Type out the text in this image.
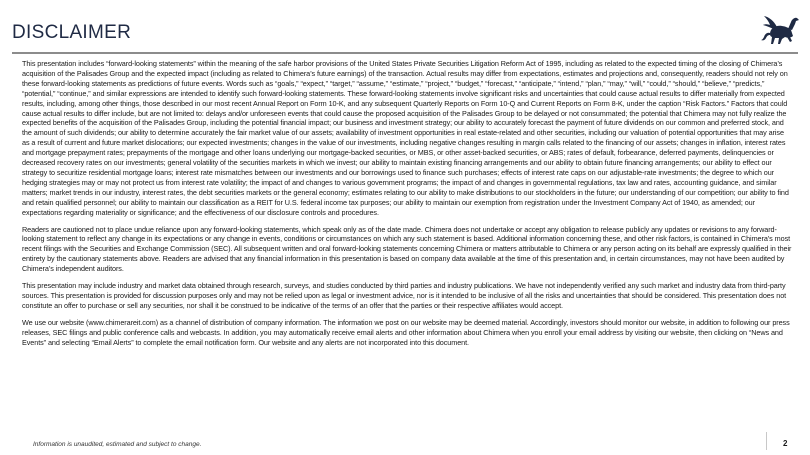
DISCLAIMER

This presentation includes “forward-looking statements” within the meaning of the safe harbor provisions of the United States Private Securities Litigation Reform Act of 1995, including as related to the expected timing of the closing of Chimera’s acquisition of the Palisades Group and the expected impact (including as related to Chimera’s future earnings) of the transaction. Actual results may differ from expectations, estimates and projections and, consequently, readers should not rely on these forward-looking statements as predictions of future events. Words such as “goals,” “expect,” “target,” “assume,” “estimate,” “project,” “budget,” “forecast,” “anticipate,” “intend,” “plan,” “may,” “will,” “could,” “should,” “believe,” “predicts,” “potential,” “continue,” and similar expressions are intended to identify such forward-looking statements. These forward-looking statements involve significant risks and uncertainties that could cause actual results to differ materially from expected results, including, among other things, those described in our most recent Annual Report on Form 10-K, and any subsequent Quarterly Reports on Form 10-Q and Current Reports on Form 8-K, under the caption “Risk Factors.” Factors that could cause actual results to differ include, but are not limited to: delays and/or unforeseen events that could cause the proposed acquisition of the Palisades Group to be delayed or not consummated; the potential that Chimera may not fully realize the expected benefits of the acquisition of the Palisades Group, including the potential financial impact; our business and investment strategy; our ability to accurately forecast the payment of future dividends on our common and preferred stock, and the amount of such dividends; our ability to determine accurately the fair market value of our assets; availability of investment opportunities in real estate-related and other securities, including our valuation of potential opportunities that may arise as a result of current and future market dislocations; our expected investments; changes in the value of our investments, including negative changes resulting in margin calls related to the financing of our assets; changes in inflation, interest rates and mortgage prepayment rates; prepayments of the mortgage and other loans underlying our mortgage-backed securities, or MBS, or other asset-backed securities, or ABS; rates of default, forbearance, deferred payments, delinquencies or decreased recovery rates on our investments; general volatility of the securities markets in which we invest; our ability to maintain existing financing arrangements and our ability to obtain future financing arrangements; our ability to effect our strategy to securitize residential mortgage loans; interest rate mismatches between our investments and our borrowings used to finance such purchases; effects of interest rate caps on our adjustable-rate investments; the degree to which our hedging strategies may or may not protect us from interest rate volatility; the impact of and changes to various government programs; the impact of and changes in governmental regulations, tax law and rates, accounting guidance, and similar matters; market trends in our industry, interest rates, the debt securities markets or the general economy; estimates relating to our ability to make distributions to our stockholders in the future; our understanding of our competition; our ability to find and retain qualified personnel; our ability to maintain our classification as a REIT for U.S. federal income tax purposes; our ability to maintain our exemption from registration under the Investment Company Act of 1940, as amended; our expectations regarding materiality or significance; and the effectiveness of our disclosure controls and procedures.

Readers are cautioned not to place undue reliance upon any forward-looking statements, which speak only as of the date made. Chimera does not undertake or accept any obligation to release publicly any updates or revisions to any forward-looking statement to reflect any change in its expectations or any change in events, conditions or circumstances on which any such statement is based. Additional information concerning these, and other risk factors, is contained in Chimera’s most recent filings with the Securities and Exchange Commission (SEC). All subsequent written and oral forward-looking statements concerning Chimera or matters attributable to Chimera or any person acting on its behalf are expressly qualified in their entirety by the cautionary statements above. Readers are advised that any financial information in this presentation is based on company data available at the time of this presentation and, in certain circumstances, may not have been audited by Chimera’s independent auditors.

This presentation may include industry and market data obtained through research, surveys, and studies conducted by third parties and industry publications. We have not independently verified any such market and industry data from third-party sources. This presentation is provided for discussion purposes only and may not be relied upon as legal or investment advice, nor is it intended to be inclusive of all the risks and uncertainties that should be considered. This presentation does not constitute an offer to purchase or sell any securities, nor shall it be construed to be indicative of the terms of an offer that the parties or their respective affiliates would accept.

We use our website (www.chimerareit.com) as a channel of distribution of company information. The information we post on our website may be deemed material. Accordingly, investors should monitor our website, in addition to following our press releases, SEC filings and public conference calls and webcasts. In addition, you may automatically receive email alerts and other information about Chimera when you enroll your email address by visiting our website, then clicking on “News and Events” and selecting “Email Alerts” to complete the email notification form. Our website and any alerts are not incorporated into this document.

Information is unaudited, estimated and subject to change.	2
